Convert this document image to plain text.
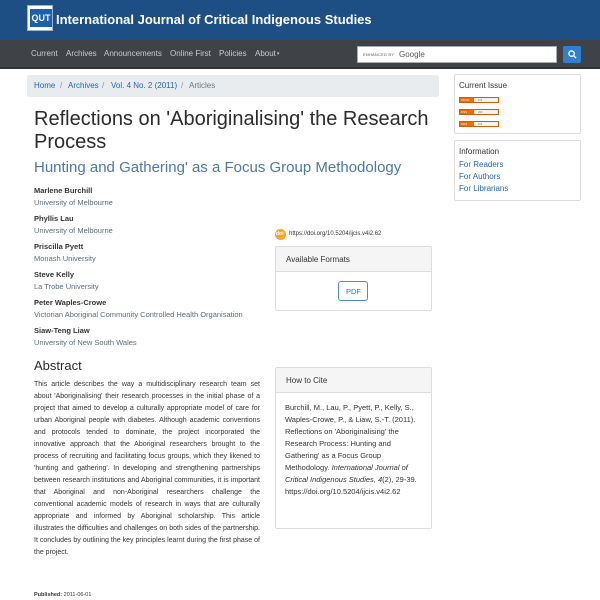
QUT International Journal of Critical Indigenous Studies
Current Archives Announcements Online First Policies About▾	ENHANCED BY Google
Home / Archives / Vol. 4 No. 2 (2011) / Articles
Reflections on 'Aboriginalising' the Research Process
Hunting and Gathering' as a Focus Group Methodology
Marlene Burchill
University of Melbourne
Phyllis Lau
University of Melbourne
Priscilla Pyett
Monash University
Steve Kelly
La Trobe University
Peter Waples-Crowe
Victorian Aboriginal Community Controlled Health Organisation
Siaw-Teng Liaw
University of New South Wales
Abstract

This article describes the way a multidisciplinary research team set about 'Aboriginalising' their research processes in the initial phase of a project that aimed to develop a culturally appropriate model of care for urban Aboriginal people with diabetes. Although academic conventions and protocols tended to dominate, the project incorporated the innovative approach that the Aboriginal researchers brought to the process of recruiting and facilitating focus groups, which they likened to 'hunting and gathering'. In developing and strengthening partnerships between research institutions and Aboriginal communities, it is important that Aboriginal and non-Aboriginal researchers challenge the conventional academic models of research in ways that are culturally appropriate and informed by Aboriginal scholarship. This article illustrates the difficulties and challenges on both sides of the partnership. It concludes by outlining the key principles learnt during the first phase of the project.

Published: 2011-06-01
doi https://doi.org/10.5204/ijcis.v4i2.62
Available Formats
PDF
How to Cite
Burchill, M., Lau, P., Pyett, P., Kelly, S., Waples-Crowe, P., & Liaw, S.-T. (2011). Reflections on 'Aboriginalising' the Research Process: Hunting and Gathering' as a Focus Group Methodology. International Journal of Critical Indigenous Studies, 4(2), 29-39. https://doi.org/10.5204/ijcis.v4i2.62
Current Issue
ATOM	1.0
RSS	2.0
RSS	1.0
Information
For Readers
For Authors
For Librarians
